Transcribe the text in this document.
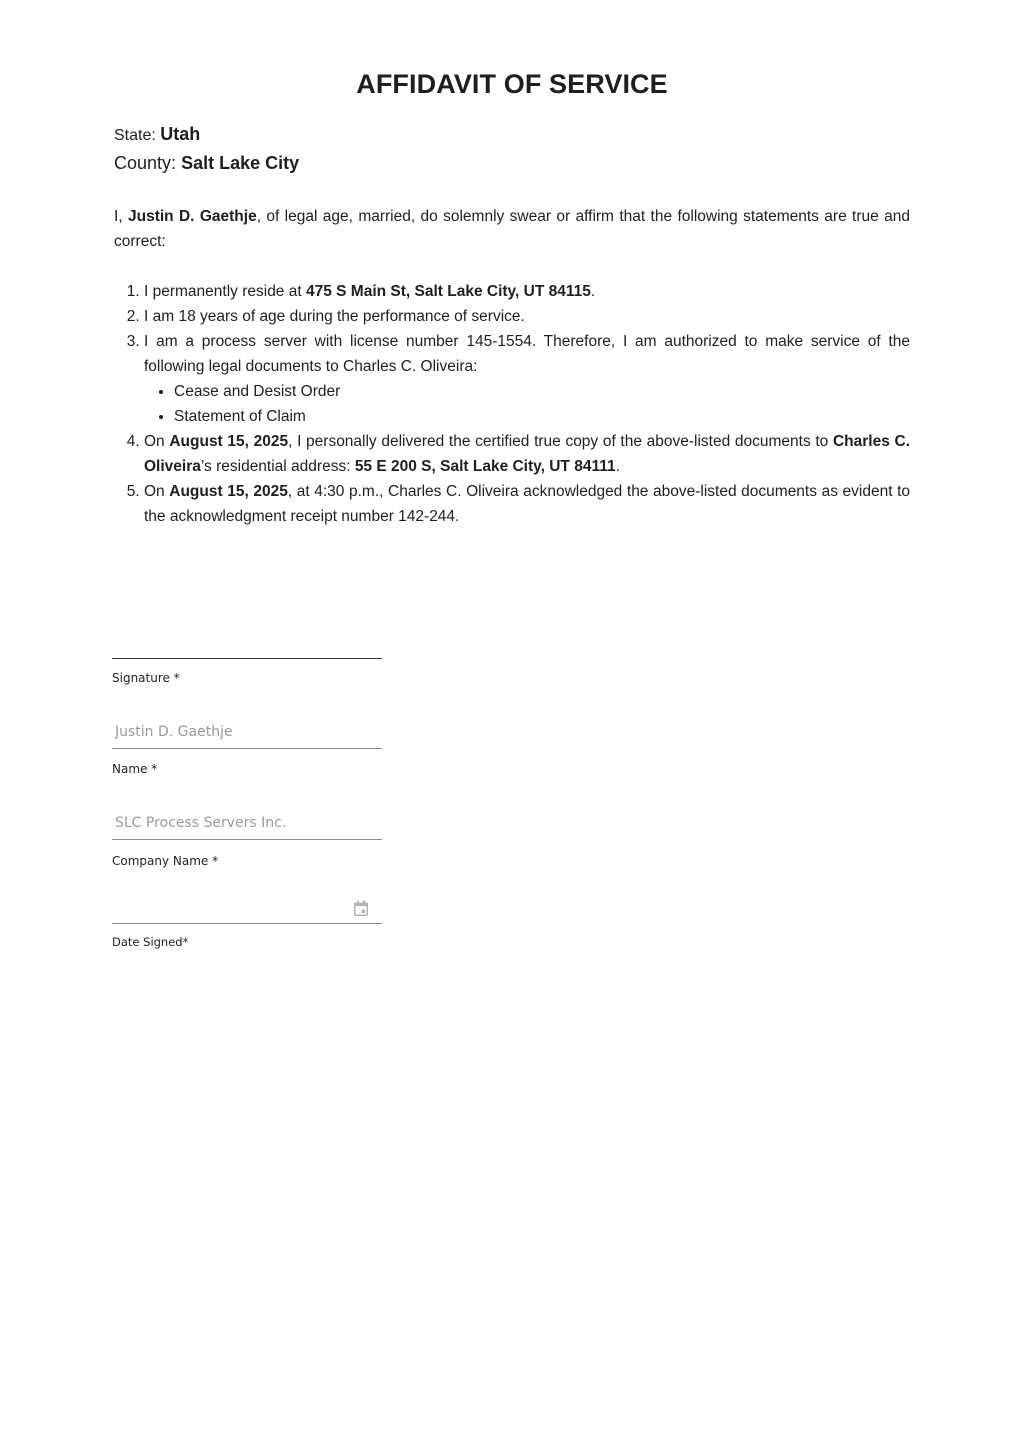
AFFIDAVIT OF SERVICE
State: Utah
County: Salt Lake City

I, Justin D. Gaethje, of legal age, married, do solemnly swear or affirm that the following statements are true and correct:

1. I permanently reside at 475 S Main St, Salt Lake City, UT 84115.
2. I am 18 years of age during the performance of service.
3. I am a process server with license number 145-1554. Therefore, I am authorized to make service of the following legal documents to Charles C. Oliveira:
• Cease and Desist Order
• Statement of Claim
4. On August 15, 2025, I personally delivered the certified true copy of the above-listed documents to Charles C. Oliveira’s residential address: 55 E 200 S, Salt Lake City, UT 84111.
5. On August 15, 2025, at 4:30 p.m., Charles C. Oliveira acknowledged the above-listed documents as evident to the acknowledgment receipt number 142-244.
Signature *
Justin D. Gaethje
Name *
SLC Process Servers Inc.
Company Name *
Date Signed*
